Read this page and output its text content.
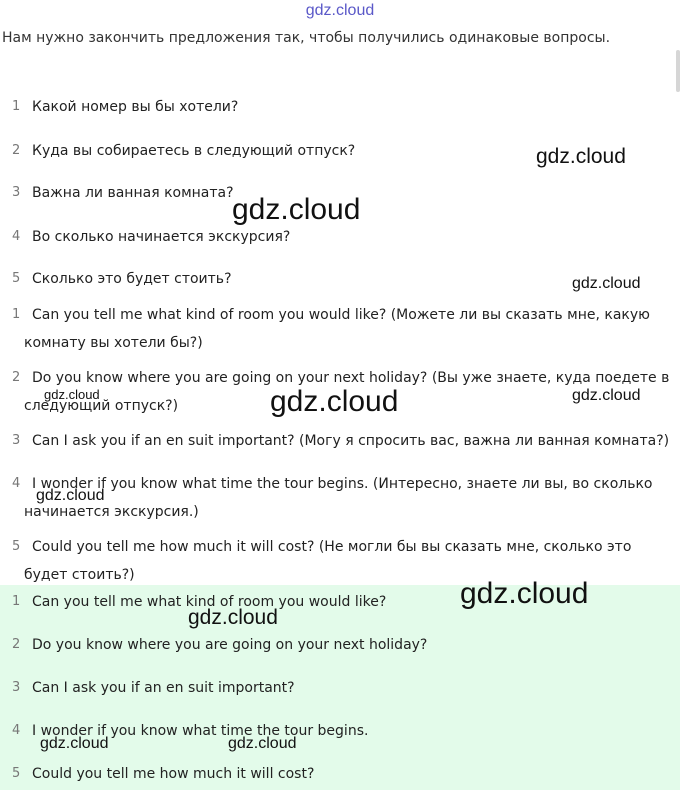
gdz.cloud
Нам нужно закончить предложения так, чтобы получились одинаковые вопросы.
1 Какой номер вы бы хотели?
2 Куда вы собираетесь в следующий отпуск?
3 Важна ли ванная комната?
4 Во сколько начинается экскурсия?
5 Сколько это будет стоить?
1 Can you tell me what kind of room you would like? (Можете ли вы сказать мне, какую
комнату вы хотели бы?)
2 Do you know where you are going on your next holiday? (Вы уже знаете, куда поедете в
следующий отпуск?)
3 Can I ask you if an en suit important? (Могу я спросить вас, важна ли ванная комната?)
4 I wonder if you know what time the tour begins. (Интересно, знаете ли вы, во сколько
начинается экскурсия.)
5 Could you tell me how much it will cost? (Не могли бы вы сказать мне, сколько это
будет стоить?)
1 Can you tell me what kind of room you would like?
2 Do you know where you are going on your next holiday?
3 Can I ask you if an en suit important?
4 I wonder if you know what time the tour begins.
5 Could you tell me how much it will cost?
gdz.cloud
gdz.cloud
gdz.cloud
gdz.cloud	gdz.cloud	gdz.cloud
gdz.cloud
gdz.cloud
gdz.cloud
gdz.cloud	gdz.cloud
